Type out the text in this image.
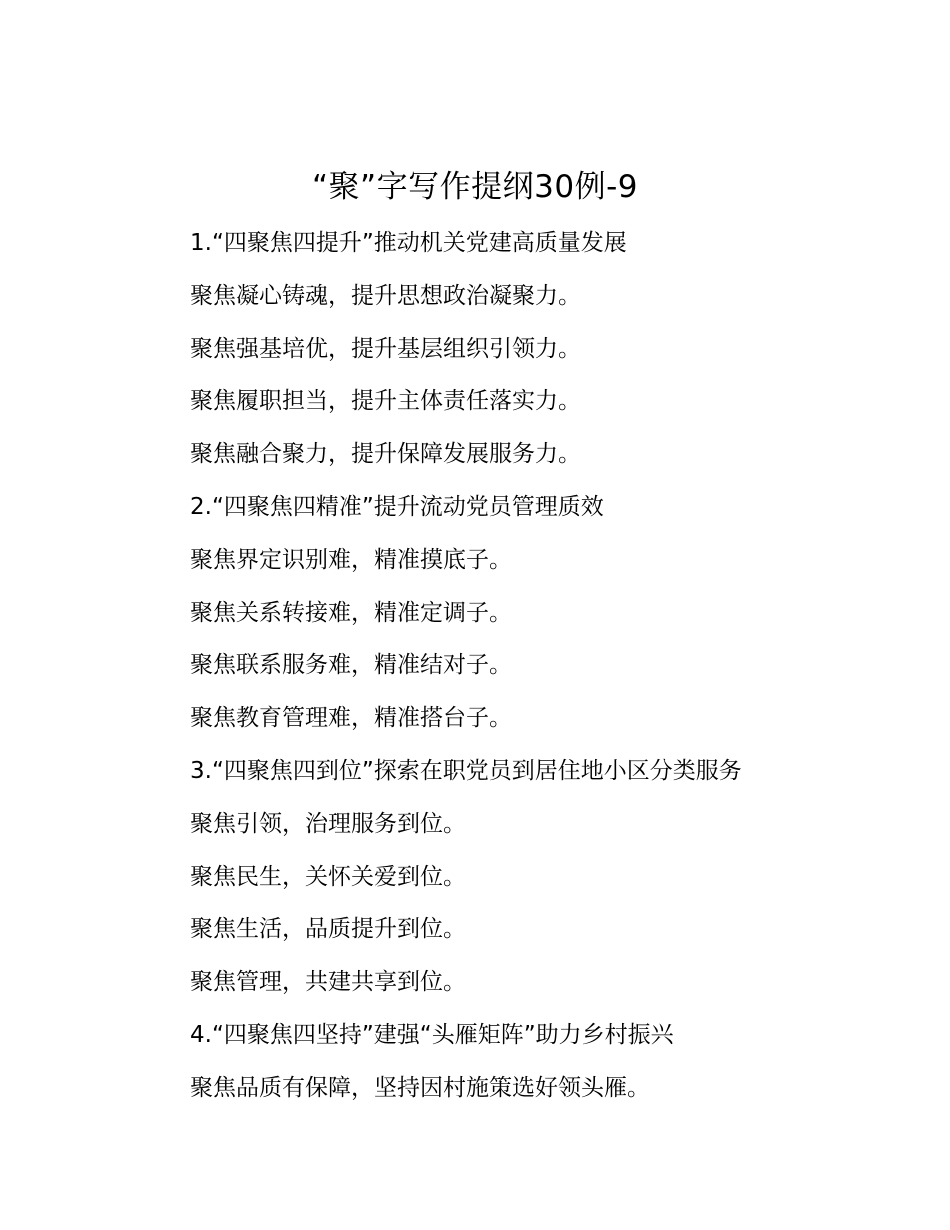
“聚”字写作提纲30例-9
1.“四聚焦四提升”推动机关党建高质量发展
聚焦凝心铸魂，提升思想政治凝聚力。
聚焦强基培优，提升基层组织引领力。
聚焦履职担当，提升主体责任落实力。
聚焦融合聚力，提升保障发展服务力。
2.“四聚焦四精准”提升流动党员管理质效
聚焦界定识别难，精准摸底子。
聚焦关系转接难，精准定调子。
聚焦联系服务难，精准结对子。
聚焦教育管理难，精准搭台子。
3.“四聚焦四到位”探索在职党员到居住地小区分类服务
聚焦引领，治理服务到位。
聚焦民生，关怀关爱到位。
聚焦生活，品质提升到位。
聚焦管理，共建共享到位。
4.“四聚焦四坚持”建强“头雁矩阵”助力乡村振兴
聚焦品质有保障，坚持因村施策选好领头雁。
